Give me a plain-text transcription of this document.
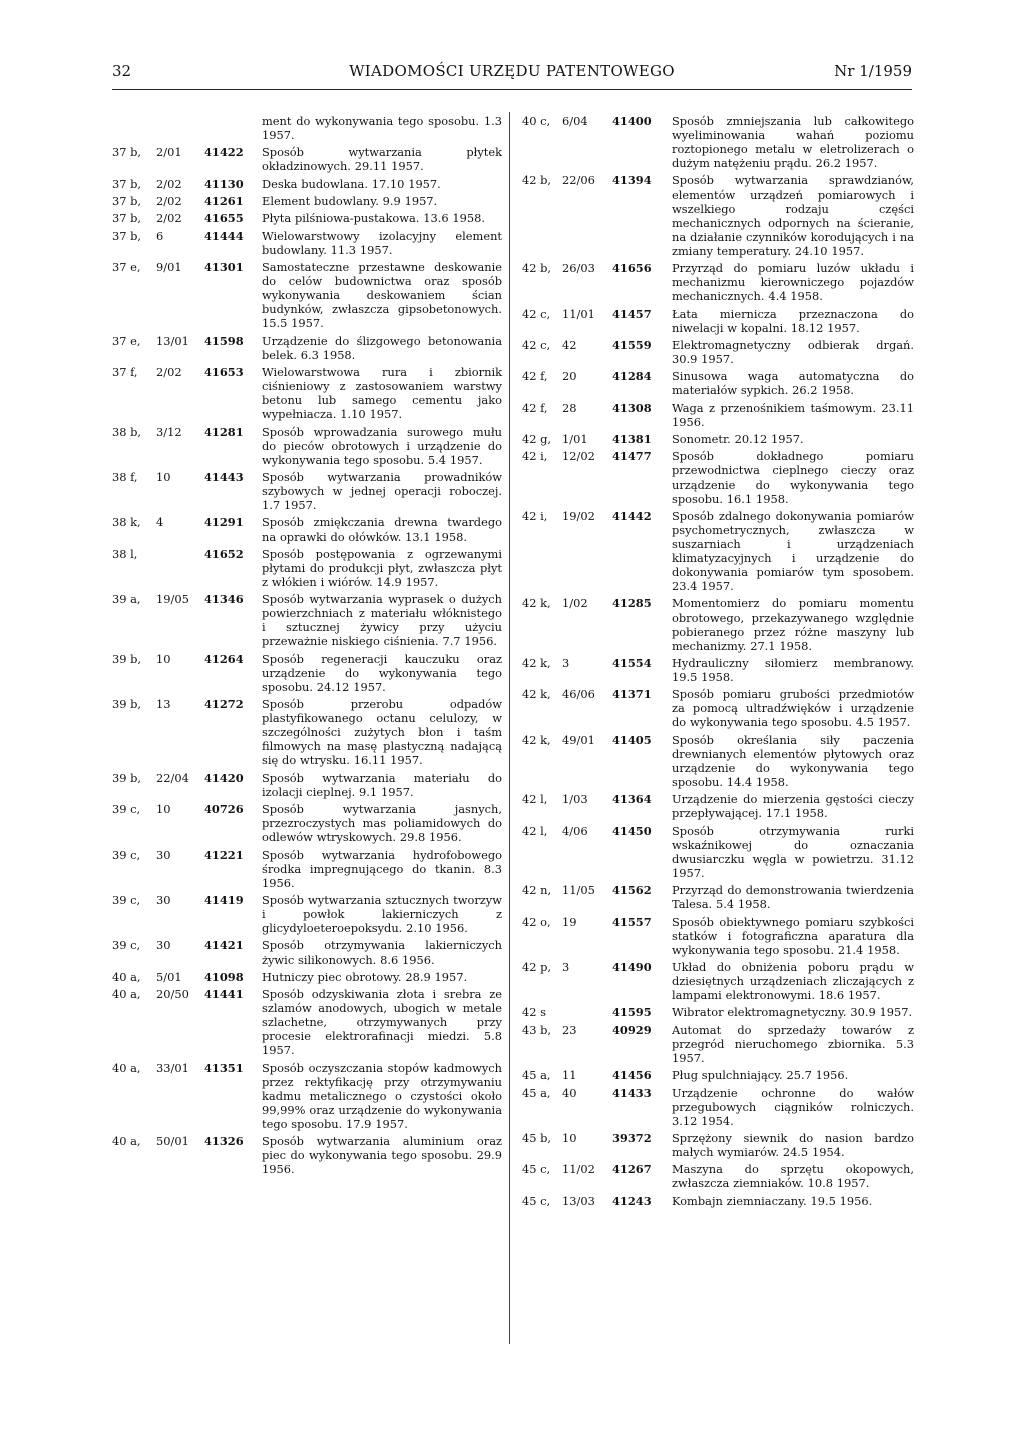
32	WIADOMOŚCI URZĘDU PATENTOWEGO	Nr 1/1959
ment do wykonywania tego sposobu. 1.3 1957.
37 b, 2/01 41422 Sposób wytwarzania płytek okładzinowych. 29.11 1957.
37 b, 2/02 41130 Deska budowlana. 17.10 1957.
37 b, 2/02 41261 Element budowlany. 9.9 1957.
37 b, 2/02 41655 Płyta pilśniowa-pustakowa. 13.6 1958.
37 b, 6	41444 Wielowarstwowy izolacyjny element budowlany. 11.3 1957.
37 e, 9/01 41301 Samostateczne przestawne deskowanie do celów budownictwa oraz sposób wykonywania deskowaniem ścian budynków, zwłaszcza gipsobetonowych. 15.5 1957.
37 e, 13/01 41598 Urządzenie do ślizgowego betonowania belek. 6.3 1958.
37 f, 2/02 41653 Wielowarstwowa rura i zbiornik ciśnieniowy z zastosowaniem warstwy betonu lub samego cementu jako wypełniacza. 1.10 1957.
38 b, 3/12 41281 Sposób wprowadzania surowego mułu do pieców obrotowych i urządzenie do wykonywania tego sposobu. 5.4 1957.
38 f, 10	41443 Sposób wytwarzania prowadników szybowych w jednej operacji roboczej. 1.7 1957.
38 k, 4	41291 Sposób zmiękczania drewna twardego na oprawki do ołówków. 13.1 1958.
38 l,	41652 Sposób postępowania z ogrzewanymi płytami do produkcji płyt, zwłaszcza płyt z włókien i wiórów. 14.9 1957.
39 a, 19/05 41346 Sposób wytwarzania wyprasek o dużych powierzchniach z materiału włóknistego i sztucznej żywicy przy użyciu przeważnie niskiego ciśnienia. 7.7 1956.
39 b, 10	41264 Sposób regeneracji kauczuku oraz urządzenie do wykonywania tego sposobu. 24.12 1957.
39 b, 13	41272 Sposób przerobu odpadów plastyfikowanego octanu celulozy, w szczególności zużytych błon i taśm filmowych na masę plastyczną nadającą się do wtrysku. 16.11 1957.
39 b, 22/04 41420 Sposób wytwarzania materiału do izolacji cieplnej. 9.1 1957.
39 c, 10	40726 Sposób wytwarzania jasnych, przezroczystych mas poliamidowych do odlewów wtryskowych. 29.8 1956.
39 c, 30	41221 Sposób wytwarzania hydrofobowego środka impregnującego do tkanin. 8.3 1956.
39 c, 30	41419 Sposób wytwarzania sztucznych tworzyw i powłok lakierniczych z glicydyloeteroepoksydu. 2.10 1956.
39 c, 30	41421 Sposób otrzymywania lakierniczych żywic silikonowych. 8.6 1956.
40 a, 5/01 41098 Hutniczy piec obrotowy. 28.9 1957.
40 a, 20/50 41441 Sposób odzyskiwania złota i srebra ze szlamów anodowych, ubogich w metale szlachetne, otrzymywanych przy procesie elektrorafinacji miedzi. 5.8 1957.
40 a, 33/01 41351 Sposób oczyszczania stopów kadmowych przez rektyfikację przy otrzymywaniu kadmu metalicznego o czystości około 99,99% oraz urządzenie do wykonywania tego sposobu. 17.9 1957.
40 a, 50/01 41326 Sposób wytwarzania aluminium oraz piec do wykonywania tego sposobu. 29.9 1956.
40 c, 6/04 41400 Sposób zmniejszania lub całkowitego wyeliminowania wahań poziomu roztopionego metalu w eletrolizerach o dużym natężeniu prądu. 26.2 1957.
42 b, 22/06 41394 Sposób wytwarzania sprawdzianów, elementów urządzeń pomiarowych i wszelkiego rodzaju części mechanicznych odpornych na ścieranie, na działanie czynników korodujących i na zmiany temperatury. 24.10 1957.
42 b, 26/03 41656 Przyrząd do pomiaru luzów układu i mechanizmu kierowniczego pojazdów mechanicznych. 4.4 1958.
42 c, 11/01 41457 Łata miernicza przeznaczona do niwelacji w kopalni. 18.12 1957.
42 c, 42	41559 Elektromagnetyczny odbierak drgań. 30.9 1957.
42 f, 20	41284 Sinusowa waga automatyczna do materiałów sypkich. 26.2 1958.
42 f, 28	41308 Waga z przenośnikiem taśmowym. 23.11 1956.
42 g, 1/01 41381 Sonometr. 20.12 1957.
42 i, 12/02 41477 Sposób dokładnego pomiaru przewodnictwa cieplnego cieczy oraz urządzenie do wykonywania tego sposobu. 16.1 1958.
42 i, 19/02 41442 Sposób zdalnego dokonywania pomiarów psychometrycznych, zwłaszcza w suszarniach i urządzeniach klimatyzacyjnych i urządzenie do dokonywania pomiarów tym sposobem. 23.4 1957.
42 k, 1/02 41285 Momentomierz do pomiaru momentu obrotowego, przekazywanego względnie pobieranego przez różne maszyny lub mechanizmy. 27.1 1958.
42 k, 3	41554 Hydrauliczny siłomierz membranowy. 19.5 1958.
42 k, 46/06 41371 Sposób pomiaru grubości przedmiotów za pomocą ultradźwięków i urządzenie do wykonywania tego sposobu. 4.5 1957.
42 k, 49/01 41405 Sposób określania siły paczenia drewnianych elementów płytowych oraz urządzenie do wykonywania tego sposobu. 14.4 1958.
42 l, 1/03 41364 Urządzenie do mierzenia gęstości cieczy przepływającej. 17.1 1958.
42 l, 4/06 41450 Sposób otrzymywania rurki wskaźnikowej do oznaczania dwusiarczku węgla w powietrzu. 31.12 1957.
42 n, 11/05 41562 Przyrząd do demonstrowania twierdzenia Talesa. 5.4 1958.
42 o, 19	41557 Sposób obiektywnego pomiaru szybkości statków i fotograficzna aparatura dla wykonywania tego sposobu. 21.4 1958.
42 p, 3	41490 Układ do obniżenia poboru prądu w dziesiętnych urządzeniach zliczających z lampami elektronowymi. 18.6 1957.
42 s	41595 Wibrator elektromagnetyczny. 30.9 1957.
43 b, 23	40929 Automat do sprzedaży towarów z przegród nieruchomego zbiornika. 5.3 1957.
45 a, 11	41456 Pług spulchniający. 25.7 1956.
45 a, 40	41433 Urządzenie ochronne do wałów przegubowych ciągników rolniczych. 3.12 1954.
45 b, 10	39372 Sprzężony siewnik do nasion bardzo małych wymiarów. 24.5 1954.
45 c, 11/02 41267 Maszyna do sprzętu okopowych, zwłaszcza ziemniaków. 10.8 1957.
45 c, 13/03 41243 Kombajn ziemniaczany. 19.5 1956.
